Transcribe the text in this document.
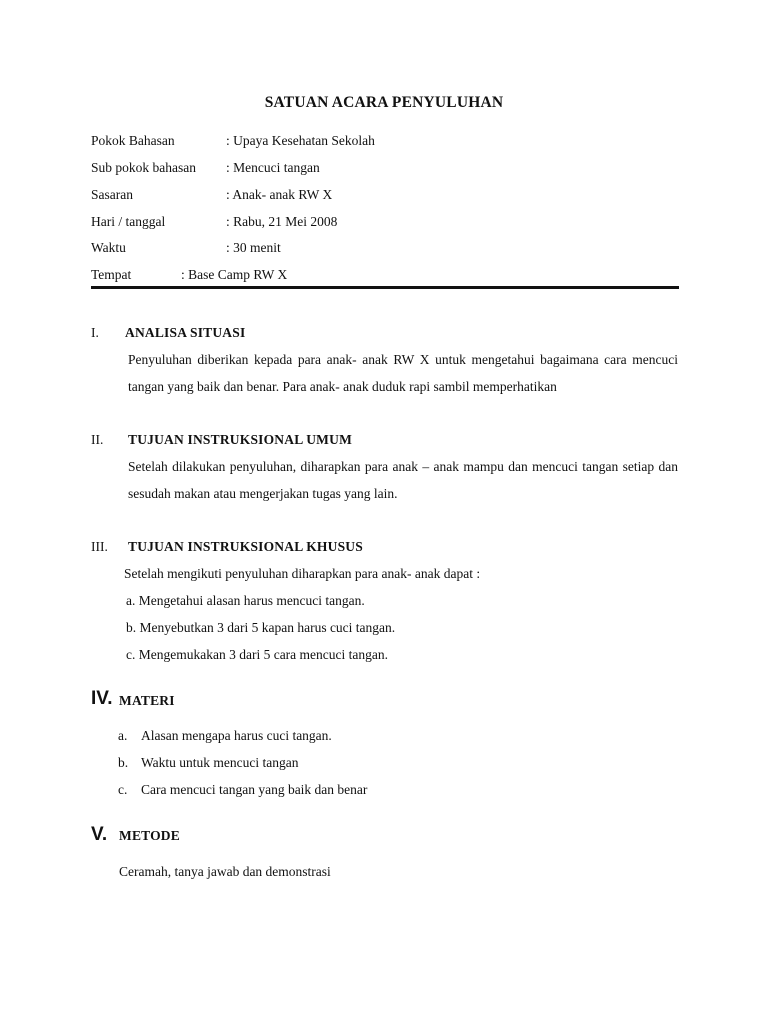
SATUAN ACARA PENYULUHAN
Pokok Bahasan	: Upaya Kesehatan Sekolah
Sub pokok bahasan : Mencuci tangan
Sasaran	: Anak- anak RW X
Hari / tanggal	: Rabu, 21 Mei 2008
Waktu	: 30 menit
Tempat	: Base Camp RW X
I. ANALISA SITUASI
Penyuluhan diberikan kepada para anak- anak RW X untuk mengetahui bagaimana cara mencuci tangan yang baik dan benar. Para anak- anak duduk rapi sambil memperhatikan
II. TUJUAN INSTRUKSIONAL UMUM
Setelah dilakukan penyuluhan, diharapkan para anak – anak mampu dan mencuci tangan setiap dan sesudah makan atau mengerjakan tugas yang lain.
III. TUJUAN INSTRUKSIONAL KHUSUS
Setelah mengikuti penyuluhan diharapkan para anak- anak dapat :
a. Mengetahui alasan harus mencuci tangan.
b. Menyebutkan 3 dari 5 kapan harus cuci tangan.
c. Mengemukakan 3 dari 5 cara mencuci tangan.
IV. MATERI
a. Alasan mengapa harus cuci tangan.
b. Waktu untuk mencuci tangan
c. Cara mencuci tangan yang baik dan benar
V. METODE
Ceramah, tanya jawab dan demonstrasi
